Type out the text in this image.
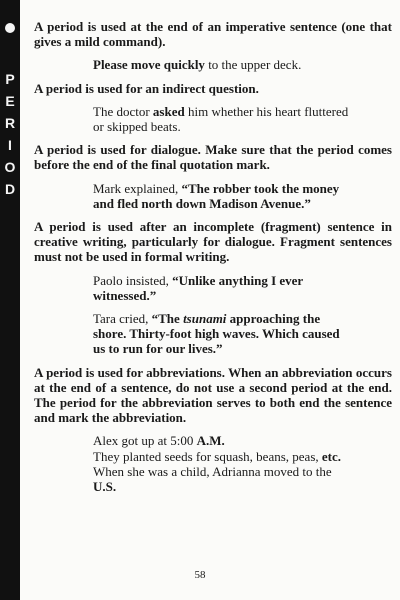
P
E
R
I
O
D

A period is used at the end of an imperative sentence (one that gives a mild command).

Please move quickly to the upper deck.

A period is used for an indirect question.

The doctor asked him whether his heart fluttered or skipped beats.

A period is used for dialogue. Make sure that the period comes before the end of the final quotation mark.

Mark explained, “The robber took the money and fled north down Madison Avenue.”

A period is used after an incomplete (fragment) sentence in creative writing, particularly for dialogue. Fragment sentences must not be used in formal writing.

Paolo insisted, “Unlike anything I ever witnessed.”

Tara cried, “The tsunami approaching the shore. Thirty-foot high waves. Which caused us to run for our lives.”

A period is used for abbreviations. When an abbreviation occurs at the end of a sentence, do not use a second period at the end. The period for the abbreviation serves to both end the sentence and mark the abbreviation.

Alex got up at 5:00 A.M.

They planted seeds for squash, beans, peas, etc.

When she was a child, Adrianna moved to the U.S.

58
